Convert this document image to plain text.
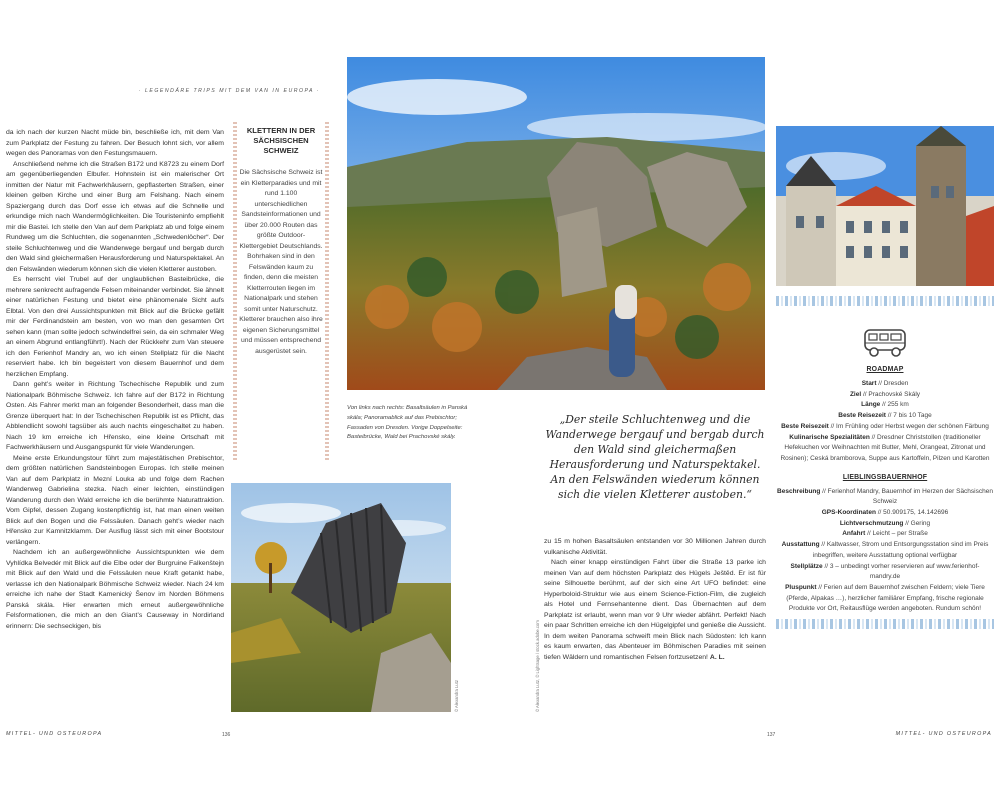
· LEGENDÄRE TRIPS MIT DEM VAN IN EUROPA ·

da ich nach der kurzen Nacht müde bin, beschließe ich, mit dem Van zum Parkplatz der Festung zu fahren. Der Besuch lohnt sich, vor allem wegen des Panoramas von den Festungsmauern.

Anschließend nehme ich die Straßen B172 und K8723 zu einem Dorf am gegenüberliegenden Elbufer. Hohnstein ist ein malerischer Ort inmitten der Natur mit Fachwerkhäusern, gepflasterten Straßen, einer kleinen gelben Kirche und einer Burg am Felshang. Nach einem Spaziergang durch das Dorf esse ich etwas auf die Schnelle und erkundige mich nach Wandermöglichkeiten. Die Touristeninfo empfiehlt mir die Bastei. Ich stelle den Van auf dem Parkplatz ab und folge einem Rundweg um die Schluchten, die sogenannten „Schwedenlöcher“. Der steile Schluchtenweg und die Wanderwege bergauf und bergab durch den Wald sind gleichermaßen Herausforderung und Naturspektakel. An den Felswänden wiederum können sich die vielen Kletterer austoben.

Es herrscht viel Trubel auf der unglaublichen Basteibrücke, die mehrere senkrecht aufragende Felsen miteinander verbindet. Sie ähnelt einer natürlichen Festung und bietet eine phänomenale Sicht aufs Elbtal. Von den drei Aussichtspunkten mit Blick auf die Brücke gefällt mir der Ferdinandstein am besten, von wo man den gesamten Ort sehen kann (man sollte jedoch schwindelfrei sein, da ein schmaler Weg an einem Abgrund entlangführt!). Nach der Rückkehr zum Van steuere ich den Ferienhof Mandry an, wo ich einen Stellplatz für die Nacht reserviert habe. Ich bin begeistert von diesem Bauernhof und dem herzlichen Empfang.

Dann geht’s weiter in Richtung Tschechische Republik und zum Nationalpark Böhmische Schweiz. Ich fahre auf der B172 in Richtung Osten. Als Fahrer merkt man an folgender Besonderheit, dass man die Grenze überquert hat: In der Tschechischen Republik ist es Pflicht, das Abblendlicht sowohl tagsüber als auch nachts eingeschaltet zu haben. Nach 19 km erreiche ich Hřensko, eine kleine Ortschaft mit Fachwerkhäusern und Ausgangspunkt für viele Wanderungen.

Meine erste Erkundungstour führt zum majestätischen Prebischtor, dem größten natürlichen Sandsteinbogen Europas. Ich stelle meinen Van auf dem Parkplatz in Mezní Louka ab und folge dem Rachen Wanderweg Gabrielina stezka. Nach einer leichten, einstündigen Wanderung durch den Wald erreiche ich die berühmte Naturattraktion. Vom Gipfel, dessen Zugang kostenpflichtig ist, hat man einen weiten Blick auf den Bogen und die Felssäulen. Danach geht’s wieder nach Hřensko zur Kamnitzklamm. Der Ausflug lässt sich mit einer Bootstour verlängern.

Nachdem ich an außergewöhnliche Aussichtspunkten wie dem Vyhlídka Belvedér mit Blick auf die Elbe oder der Burgruine Falkenštejn mit Blick auf den Wald und die Felssäulen neue Kraft getankt habe, verlasse ich den Nationalpark Böhmische Schweiz wieder. Nach 24 km erreiche ich nahe der Stadt Kamenický Šenov im Norden Böhmens Panská skála. Hier erwarten mich erneut außergewöhnliche Felsformationen, die mich an den Giant’s Causeway in Nordirland erinnern: Die sechseckigen, bis

KLETTERN IN DER SÄCHSISCHEN SCHWEIZ
Die Sächsische Schweiz ist ein Kletterparadies und mit rund 1.100 unterschiedlichen Sandsteinformationen und über 20.000 Routen das größte Outdoor-Klettergebiet Deutschlands. Bohrhaken sind in den Felswänden kaum zu finden, denn die meisten Kletterrouten liegen im Nationalpark und stehen somit unter Naturschutz. Kletterer brauchen also ihre eigenen Sicherungsmittel und müssen entsprechend ausgerüstet sein.
© Alexandra Lutz
Von links nach rechts: Basaltsäulen in Panská skála; Panoramablick auf das Prebischtor; Fassaden von Dresden. Vorige Doppelseite: Basteibrücke, Wald bei Prachovské skály.
© Alexandra Lutz, © Lightsage / stock.adobe.com
„Der steile Schluchtenweg und die Wanderwege bergauf und bergab durch den Wald sind gleichermaßen Herausforderung und Naturspektakel. An den Felswänden wiederum können sich die vielen Kletterer austoben.“

zu 15 m hohen Basaltsäulen entstanden vor 30 Millionen Jahren durch vulkanische Aktivität.

Nach einer knapp einstündigen Fahrt über die Straße 13 parke ich meinen Van auf dem höchsten Parkplatz des Hügels Ještěd. Er ist für seine Silhouette berühmt, auf der sich eine Art UFO befindet: eine Hyperboloid-Struktur wie aus einem Science-Fiction-Film, die zugleich als Hotel und Fernsehantenne dient. Das Übernachten auf dem Parkplatz ist erlaubt, wenn man vor 9 Uhr wieder abfährt. Perfekt! Nach ein paar Schritten erreiche ich den Hügelgipfel und genieße die Aussicht. In dem weiten Panorama schweift mein Blick nach Südosten: Ich kann es kaum erwarten, das Abenteuer im Böhmischen Paradies mit seinen tiefen Wäldern und romantischen Felsen fortzusetzen! A. L.

ROADMAP
Start // Dresden
Ziel // Prachovské Skály
Länge // 255 km
Beste Reisezeit // 7 bis 10 Tage
Beste Reisezeit // Im Frühling oder Herbst wegen der schönen Färbung
Kulinarische Spezialitäten // Dresdner Christstollen (traditioneller Hefekuchen vor Weihnachten mit Butter, Mehl, Orangeat, Zitronat und Rosinen); Ceská bramborova, Suppe aus Kartoffeln, Pilzen und Karotten
LIEBLINGSBAUERNHOF
Beschreibung // Ferienhof Mandry, Bauernhof im Herzen der Sächsischen Schweiz
GPS-Koordinaten // 50.909175, 14.142696
Lichtverschmutzung // Gering
Anfahrt // Leicht – per Straße
Ausstattung // Kaltwasser, Strom und Entsorgungsstation sind im Preis inbegriffen, weitere Ausstattung optional verfügbar
Stellplätze // 3 – unbedingt vorher reservieren auf www.ferienhof-mandry.de
Pluspunkt // Ferien auf dem Bauernhof zwischen Feldern; viele Tiere (Pferde, Alpakas …), herzlicher familiärer Empfang, frische regionale Produkte vor Ort, Reitausflüge werden angeboten. Rundum schön!
MITTEL- UND OSTEUROPA	136	137	MITTEL- UND OSTEUROPA
